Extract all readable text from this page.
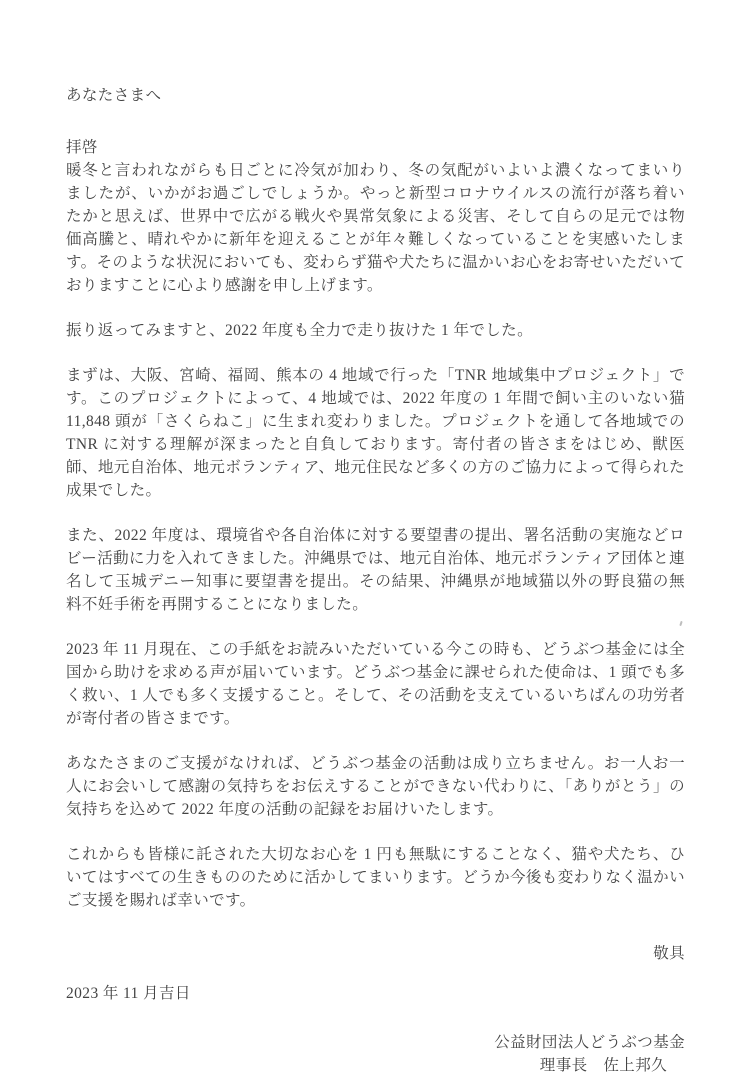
あなたさまへ
拝啓

暖冬と言われながらも日ごとに冷気が加わり、冬の気配がいよいよ濃くなってまいりましたが、いかがお過ごしでしょうか。やっと新型コロナウイルスの流行が落ち着いたかと思えば、世界中で広がる戦火や異常気象による災害、そして自らの足元では物価高騰と、晴れやかに新年を迎えることが年々難しくなっていることを実感いたします。そのような状況においても、変わらず猫や犬たちに温かいお心をお寄せいただいておりますことに心より感謝を申し上げます。

振り返ってみますと、2022 年度も全力で走り抜けた 1 年でした。

まずは、大阪、宮崎、福岡、熊本の 4 地域で行った「TNR 地域集中プロジェクト」です。このプロジェクトによって、4 地域では、2022 年度の 1 年間で飼い主のいない猫 11,848 頭が「さくらねこ」に生まれ変わりました。プロジェクトを通して各地域での TNR に対する理解が深まったと自負しております。寄付者の皆さまをはじめ、獣医師、地元自治体、地元ボランティア、地元住民など多くの方のご協力によって得られた成果でした。

また、2022 年度は、環境省や各自治体に対する要望書の提出、署名活動の実施などロビー活動に力を入れてきました。沖縄県では、地元自治体、地元ボランティア団体と連名して玉城デニー知事に要望書を提出。その結果、沖縄県が地域猫以外の野良猫の無料不妊手術を再開することになりました。

2023 年 11 月現在、この手紙をお読みいただいている今この時も、どうぶつ基金には全国から助けを求める声が届いています。どうぶつ基金に課せられた使命は、1 頭でも多く救い、1 人でも多く支援すること。そして、その活動を支えているいちばんの功労者が寄付者の皆さまです。

あなたさまのご支援がなければ、どうぶつ基金の活動は成り立ちません。お一人お一人にお会いして感謝の気持ちをお伝えすることができない代わりに、「ありがとう」の気持ちを込めて 2022 年度の活動の記録をお届けいたします。

これからも皆様に託された大切なお心を 1 円も無駄にすることなく、猫や犬たち、ひいてはすべての生きもののために活かしてまいります。どうか今後も変わりなく温かいご支援を賜れば幸いです。

敬具
2023 年 11 月吉日
公益財団法人どうぶつ基金
理事長　佐上邦久
